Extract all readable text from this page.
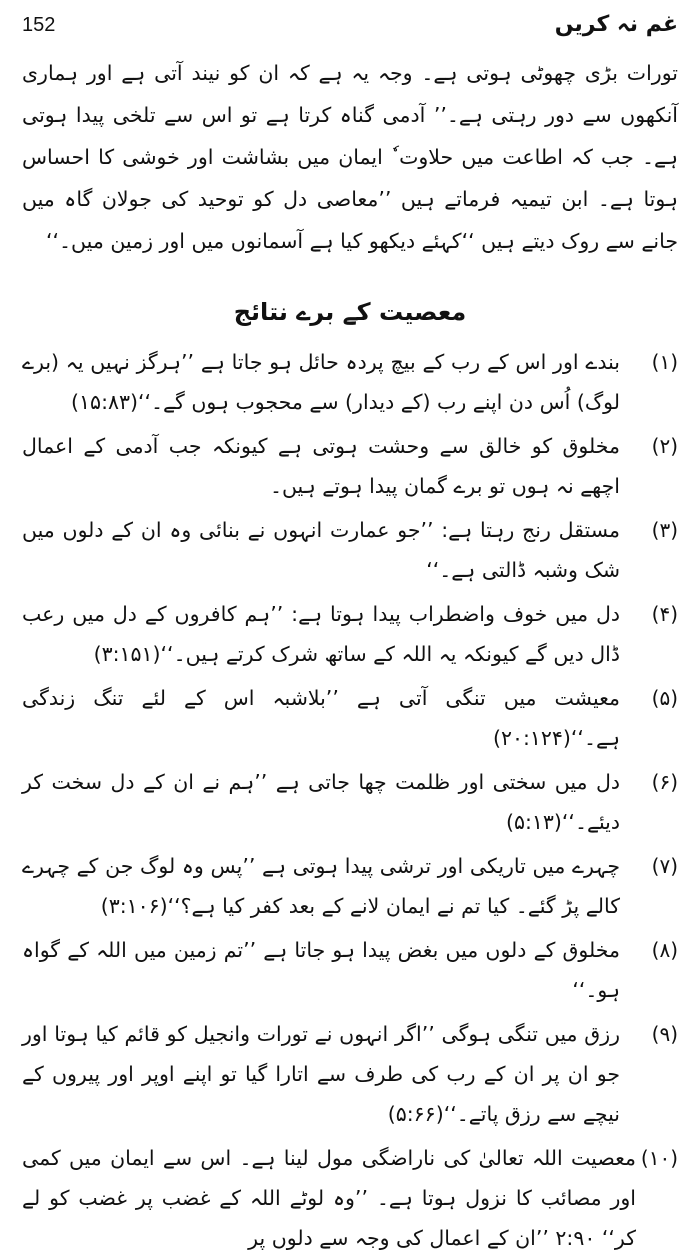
غم نہ کریں
152

تورات بڑی چھوٹی ہوتی ہے۔ وجہ یہ ہے کہ ان کو نیند آتی ہے اور ہماری آنکھوں سے دور رہتی ہے۔’’ آدمی گناہ کرتا ہے تو اس سے تلخی پیدا ہوتی ہے۔ جب کہ اطاعت میں حلاوت ٗ ایمان میں بشاشت اور خوشی کا احساس ہوتا ہے۔ ابن تیمیہ فرماتے ہیں ’’معاصی دل کو توحید کی جولان گاہ میں جانے سے روک دیتے ہیں ‘‘کہئے دیکھو کیا ہے آسمانوں میں اور زمین میں۔‘‘

معصیت کے برے نتائج
(۱)
بندے اور اس کے رب کے بیچ پردہ حائل ہو جاتا ہے ’’ہرگز نہیں یہ (برے لوگ) اُس دن اپنے رب (کے دیدار) سے محجوب ہوں گے۔‘‘(۱۵:۸۳)
(۲)
مخلوق کو خالق سے وحشت ہوتی ہے کیونکہ جب آدمی کے اعمال اچھے نہ ہوں تو برے گمان پیدا ہوتے ہیں۔
(۳)
مستقل رنج رہتا ہے: ’’جو عمارت انہوں نے بنائی وہ ان کے دلوں میں شک وشبہ ڈالتی ہے۔‘‘
(۴)
دل میں خوف واضطراب پیدا ہوتا ہے: ’’ہم کافروں کے دل میں رعب ڈال دیں گے کیونکہ یہ اللہ کے ساتھ شرک کرتے ہیں۔‘‘(۳:۱۵۱)
(۵)
معیشت میں تنگی آتی ہے ’’بلاشبہ اس کے لئے تنگ زندگی ہے۔‘‘(۲۰:۱۲۴)
(۶)
دل میں سختی اور ظلمت چھا جاتی ہے ’’ہم نے ان کے دل سخت کر دیئے۔‘‘(۵:۱۳)
(۷)
چہرے میں تاریکی اور ترشی پیدا ہوتی ہے ’’پس وہ لوگ جن کے چہرے کالے پڑ گئے۔ کیا تم نے ایمان لانے کے بعد کفر کیا ہے؟‘‘(۳:۱۰۶)
(۸)
مخلوق کے دلوں میں بغض پیدا ہو جاتا ہے ’’تم زمین میں اللہ کے گواہ ہو۔‘‘
(۹)
رزق میں تنگی ہوگی ’’اگر انہوں نے تورات وانجیل کو قائم کیا ہوتا اور جو ان پر ان کے رب کی طرف سے اتارا گیا تو اپنے اوپر اور پیروں کے نیچے سے رزق پاتے۔‘‘(۵:۶۶)
(۱۰)
معصیت اللہ تعالیٰ کی ناراضگی مول لینا ہے۔ اس سے ایمان میں کمی اور مصائب کا نزول ہوتا ہے۔ ’’وہ لوٹے اللہ کے غضب پر غضب کو لے کر‘‘ ۲:۹۰ ’’ان کے اعمال کی وجہ سے دلوں پر
